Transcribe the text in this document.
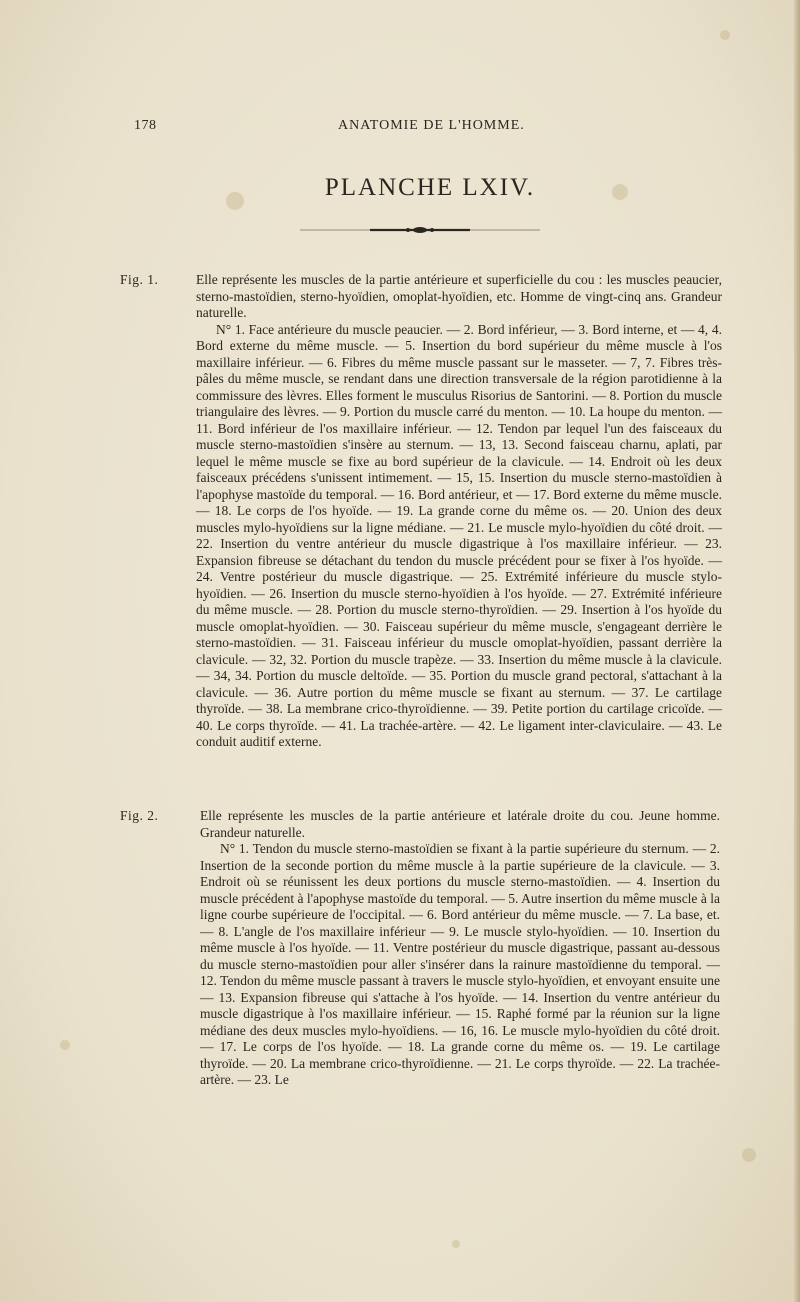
178	ANATOMIE DE L'HOMME.
PLANCHE LXIV.
Fig. 1.	Elle représente les muscles de la partie antérieure et superficielle du cou : les muscles peaucier, sterno-mastoïdien, sterno-hyoïdien, omoplat-hyoïdien, etc. Homme de vingt-cinq ans. Grandeur naturelle.

N° 1. Face antérieure du muscle peaucier. — 2. Bord inférieur, — 3. Bord interne, et — 4, 4. Bord externe du même muscle. — 5. Insertion du bord supérieur du même muscle à l'os maxillaire inférieur. — 6. Fibres du même muscle passant sur le masseter. — 7, 7. Fibres très-pâles du même muscle, se rendant dans une direction transversale de la région parotidienne à la commissure des lèvres. Elles forment le musculus Risorius de Santorini. — 8. Portion du muscle triangulaire des lèvres. — 9. Portion du muscle carré du menton. — 10. La houpe du menton. — 11. Bord inférieur de l'os maxillaire inférieur. — 12. Tendon par lequel l'un des faisceaux du muscle sterno-mastoïdien s'insère au sternum. — 13, 13. Second faisceau charnu, aplati, par lequel le même muscle se fixe au bord supérieur de la clavicule. — 14. Endroit où les deux faisceaux précédens s'unissent intimement. — 15, 15. Insertion du muscle sterno-mastoïdien à l'apophyse mastoïde du temporal. — 16. Bord antérieur, et — 17. Bord externe du même muscle. — 18. Le corps de l'os hyoïde. — 19. La grande corne du même os. — 20. Union des deux muscles mylo-hyoïdiens sur la ligne médiane. — 21. Le muscle mylo-hyoïdien du côté droit. — 22. Insertion du ventre antérieur du muscle digastrique à l'os maxillaire inférieur. — 23. Expansion fibreuse se détachant du tendon du muscle précédent pour se fixer à l'os hyoïde. — 24. Ventre postérieur du muscle digastrique. — 25. Extrémité inférieure du muscle stylo-hyoïdien. — 26. Insertion du muscle sterno-hyoïdien à l'os hyoïde. — 27. Extrémité inférieure du même muscle. — 28. Portion du muscle sterno-thyroïdien. — 29. Insertion à l'os hyoïde du muscle omoplat-hyoïdien. — 30. Faisceau supérieur du même muscle, s'engageant derrière le sterno-mastoïdien. — 31. Faisceau inférieur du muscle omoplat-hyoïdien, passant derrière la clavicule. — 32, 32. Portion du muscle trapèze. — 33. Insertion du même muscle à la clavicule. — 34, 34. Portion du muscle deltoïde. — 35. Portion du muscle grand pectoral, s'attachant à la clavicule. — 36. Autre portion du même muscle se fixant au sternum. — 37. Le cartilage thyroïde. — 38. La membrane crico-thyroïdienne. — 39. Petite portion du cartilage cricoïde. — 40. Le corps thyroïde. — 41. La trachée-artère. — 42. Le ligament inter-claviculaire. — 43. Le conduit auditif externe.

Fig. 2.	Elle représente les muscles de la partie antérieure et latérale droite du cou. Jeune homme. Grandeur naturelle.

N° 1. Tendon du muscle sterno-mastoïdien se fixant à la partie supérieure du sternum. — 2. Insertion de la seconde portion du même muscle à la partie supérieure de la clavicule. — 3. Endroit où se réunissent les deux portions du muscle sterno-mastoïdien. — 4. Insertion du muscle précédent à l'apophyse mastoïde du temporal. — 5. Autre insertion du même muscle à la ligne courbe supérieure de l'occipital. — 6. Bord antérieur du même muscle. — 7. La base, et. — 8. L'angle de l'os maxillaire inférieur — 9. Le muscle stylo-hyoïdien. — 10. Insertion du même muscle à l'os hyoïde. — 11. Ventre postérieur du muscle digastrique, passant au-dessous du muscle sterno-mastoïdien pour aller s'insérer dans la rainure mastoïdienne du temporal. — 12. Tendon du même muscle passant à travers le muscle stylo-hyoïdien, et envoyant ensuite une — 13. Expansion fibreuse qui s'attache à l'os hyoïde. — 14. Insertion du ventre antérieur du muscle digastrique à l'os maxillaire inférieur. — 15. Raphé formé par la réunion sur la ligne médiane des deux muscles mylo-hyoïdiens. — 16, 16. Le muscle mylo-hyoïdien du côté droit. — 17. Le corps de l'os hyoïde. — 18. La grande corne du même os. — 19. Le cartilage thyroïde. — 20. La membrane crico-thyroïdienne. — 21. Le corps thyroïde. — 22. La trachée-artère. — 23. Le
